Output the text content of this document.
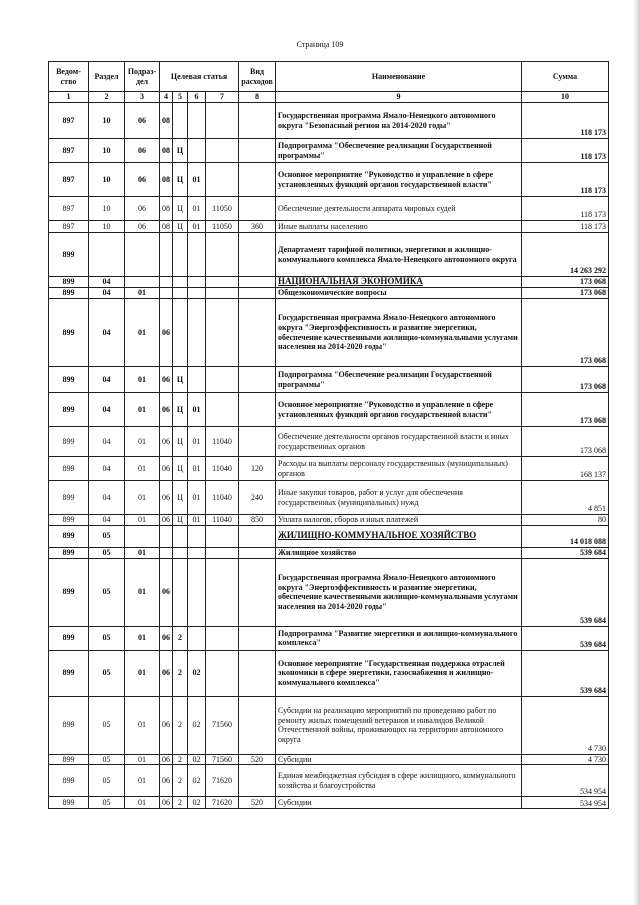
Страница 109
Ведом-ство	Раздел	Подраз-дел	Целевая статья				Вид расходов	Наименование	Сумма
1	2	3	4	5	6	7	8	9	10
897	10	06	08					Государственная программа Ямало-Ненецкого автономного округа "Безопасный регион на 2014-2020 годы"	118 173
897	10	06	08	Ц				Подпрограмма "Обеспечение реализации Государственной программы"	118 173
897	10	06	08	Ц	01			Основное мероприятие "Руководство и управление в сфере установленных функций органов государственной власти"	118 173
897	10	06	08	Ц	01	11050		Обеспечение деятельности аппарата мировых судей	118 173
897	10	06	08	Ц	01	11050	360	Иные выплаты населению	118 173
899								Департамент тарифной политики, энергетики и жилищно-коммунального комплекса Ямало-Ненецкого автономного округа	14 263 292
899	04							НАЦИОНАЛЬНАЯ ЭКОНОМИКА	173 068
899	04	01						Общеэкономические вопросы	173 068
899	04	01	06					Государственная программа Ямало-Ненецкого автономного округа "Энергоэффективность и развитие энергетики, обеспечение качественными жилищно-коммунальными услугами населения на 2014-2020 годы"	173 068
899	04	01	06	Ц				Подпрограмма "Обеспечение реализации Государственной программы"	173 068
899	04	01	06	Ц	01			Основное мероприятие "Руководство и управление в сфере установленных функций органов государственной власти"	173 068
899	04	01	06	Ц	01	11040		Обеспечение деятельности органов государственной власти и иных государственных органов	173 068
899	04	01	06	Ц	01	11040	120	Расходы на выплаты персоналу государственных (муниципальных) органов	168 137
899	04	01	06	Ц	01	11040	240	Иные закупки товаров, работ и услуг для обеспечения государственных (муниципальных) нужд	4 851
899	04	01	06	Ц	01	11040	850	Уплата налогов, сборов и иных платежей	80
899	05							ЖИЛИЩНО-КОММУНАЛЬНОЕ ХОЗЯЙСТВО	14 018 088
899	05	01						Жилищное хозяйство	539 684
899	05	01	06					Государственная программа Ямало-Ненецкого автономного округа "Энергоэффективность и развитие энергетики, обеспечение качественными жилищно-коммунальными услугами населения на 2014-2020 годы"	539 684
899	05	01	06	2				Подпрограмма "Развитие энергетики и жилищно-коммунального комплекса"	539 684
899	05	01	06	2	02			Основное мероприятие "Государственная поддержка отраслей экономики в сфере энергетики, газоснабжения и жилищно-коммунального комплекса"	539 684
899	05	01	06	2	02	71560		Субсидии на реализацию мероприятий по проведению работ по ремонту жилых помещений ветеранов и инвалидов Великой Отечественной войны, проживающих на территории автономного округа	4 730
899	05	01	06	2	02	71560	520	Субсидии	4 730
899	05	01	06	2	02	71620		Единая межбюджетная субсидия в сфере жилищного, коммунального хозяйства и благоустройства	534 954
899	05	01	06	2	02	71620	520	Субсидии	534 954
